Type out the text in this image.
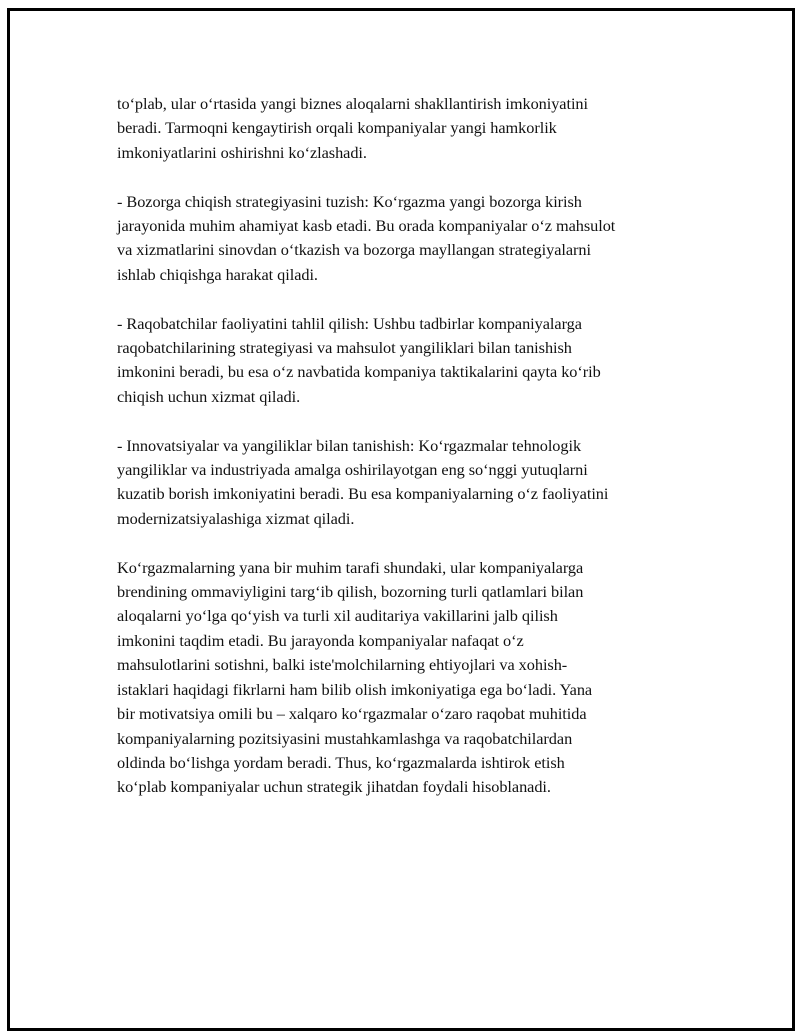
to‘plab, ular o‘rtasida yangi biznes aloqalarni shakllantirish imkoniyatini
beradi. Tarmoqni kengaytirish orqali kompaniyalar yangi hamkorlik
imkoniyatlarini oshirishni ko‘zlashadi.
- Bozorga chiqish strategiyasini tuzish: Ko‘rgazma yangi bozorga kirish
jarayonida muhim ahamiyat kasb etadi. Bu orada kompaniyalar o‘z mahsulot
va xizmatlarini sinovdan o‘tkazish va bozorga mayllangan strategiyalarni
ishlab chiqishga harakat qiladi.
- Raqobatchilar faoliyatini tahlil qilish: Ushbu tadbirlar kompaniyalarga
raqobatchilarining strategiyasi va mahsulot yangiliklari bilan tanishish
imkonini beradi, bu esa o‘z navbatida kompaniya taktikalarini qayta ko‘rib
chiqish uchun xizmat qiladi.
- Innovatsiyalar va yangiliklar bilan tanishish: Ko‘rgazmalar tehnologik
yangiliklar va industriyada amalga oshirilayotgan eng so‘nggi yutuqlarni
kuzatib borish imkoniyatini beradi. Bu esa kompaniyalarning o‘z faoliyatini
modernizatsiyalashiga xizmat qiladi.
Ko‘rgazmalarning yana bir muhim tarafi shundaki, ular kompaniyalarga
brendining ommaviyligini targ‘ib qilish, bozorning turli qatlamlari bilan
aloqalarni yo‘lga qo‘yish va turli xil auditariya vakillarini jalb qilish
imkonini taqdim etadi. Bu jarayonda kompaniyalar nafaqat o‘z
mahsulotlarini sotishni, balki iste'molchilarning ehtiyojlari va xohish-
istaklari haqidagi fikrlarni ham bilib olish imkoniyatiga ega bo‘ladi. Yana
bir motivatsiya omili bu – xalqaro ko‘rgazmalar o‘zaro raqobat muhitida
kompaniyalarning pozitsiyasini mustahkamlashga va raqobatchilardan
oldinda bo‘lishga yordam beradi. Thus, ko‘rgazmalarda ishtirok etish
ko‘plab kompaniyalar uchun strategik jihatdan foydali hisoblanadi.
